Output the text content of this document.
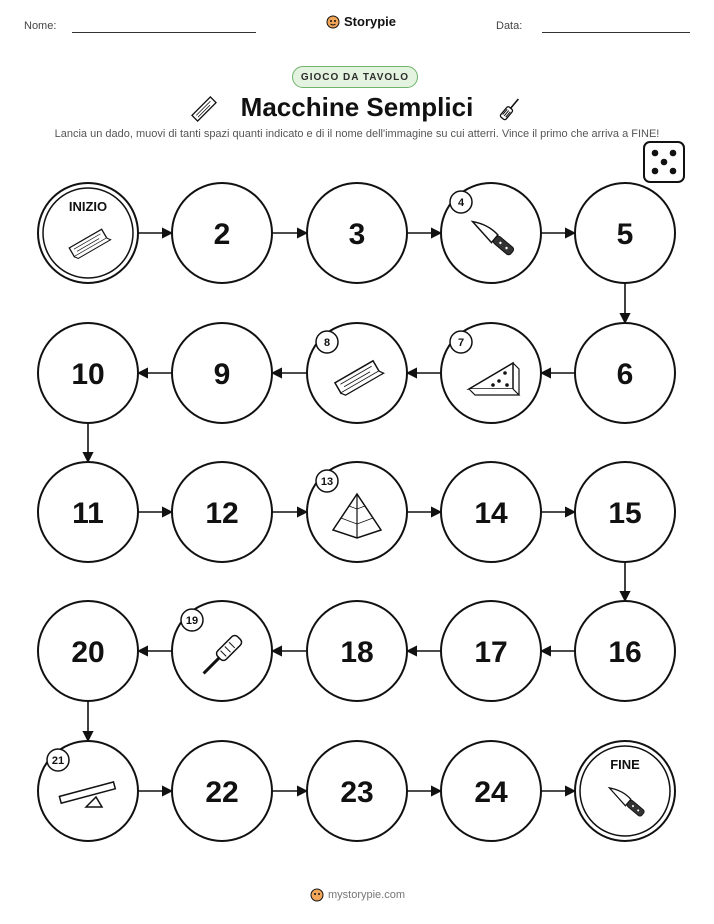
Nome:	Storypie	Data:
GIOCO DA TAVOLO
Macchine Semplici
Lancia un dado, muovi di tanti spazi quanti indicato e di il nome dell'immagine su cui atterri. Vince il primo che arriva a FINE!
INIZIO
2	3
4
5
6
7
8
9
10
11	12
13
14	15
16
17
18
19
20
21
22	23	24
FINE
mystorypie.com
